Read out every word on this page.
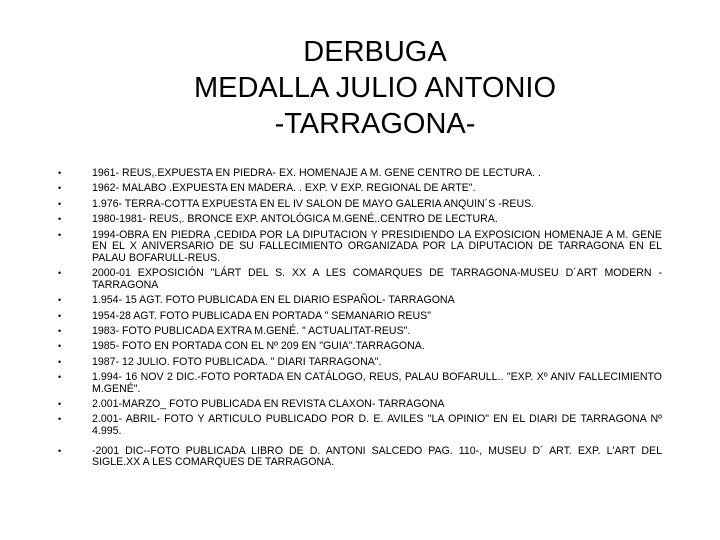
DERBUGA
MEDALLA JULIO ANTONIO
-TARRAGONA-
• 1961- REUS,.EXPUESTA EN PIEDRA- EX. HOMENAJE A M. GENE CENTRO DE LECTURA. .
• 1962- MALABO .EXPUESTA EN MADERA. . EXP. V EXP. REGIONAL DE ARTE".
• 1.976- TERRA-COTTA EXPUESTA EN EL IV SALON DE MAYO GALERIA ANQUIN´S -REUS.
• 1980-1981- REUS,. BRONCE EXP. ANTOLÓGICA M.GENÉ..CENTRO DE LECTURA.
• 1994-OBRA EN PIEDRA ,CEDIDA POR LA DIPUTACION Y PRESIDIENDO LA EXPOSICION HOMENAJE A M. GENE EN EL X ANIVERSARIO DE SU FALLECIMIENTO ORGANIZADA POR LA DIPUTACION DE TARRAGONA EN EL PALAU BOFARULL-REUS.
• 2000-01 EXPOSICIÓN "LÁRT DEL S. XX A LES COMARQUES DE TARRAGONA-MUSEU D´ART MODERN - TARRAGONA
• 1.954- 15 AGT. FOTO PUBLICADA EN EL DIARIO ESPAÑOL- TARRAGONA
• 1954-28 AGT. FOTO PUBLICADA EN PORTADA " SEMANARIO REUS"
• 1983- FOTO PUBLICADA EXTRA M.GENÉ. " ACTUALITAT-REUS".
• 1985- FOTO EN PORTADA CON EL Nº 209 EN "GUIA".TARRAGONA.
• 1987- 12 JULIO. FOTO PUBLICADA. " DIARI TARRAGONA".
• 1.994- 16 NOV 2 DIC.-FOTO PORTADA EN CATÁLOGO, REUS, PALAU BOFARULL.. "EXP. Xº ANIV FALLECIMIENTO M.GENÉ".
• 2.001-MARZO_ FOTO PUBLICADA EN REVISTA CLAXON- TARRAGONA
• 2.001- ABRIL- FOTO Y ARTICULO PUBLICADO POR D. E. AVILES "LA OPINIO" EN EL DIARI DE TARRAGONA Nº 4.995.
• -2001 DIC--FOTO PUBLICADA LIBRO DE D. ANTONI SALCEDO PAG. 110-, MUSEU D´ ART. EXP. L'ART DEL SIGLE.XX A LES COMARQUES DE TARRAGONA.
